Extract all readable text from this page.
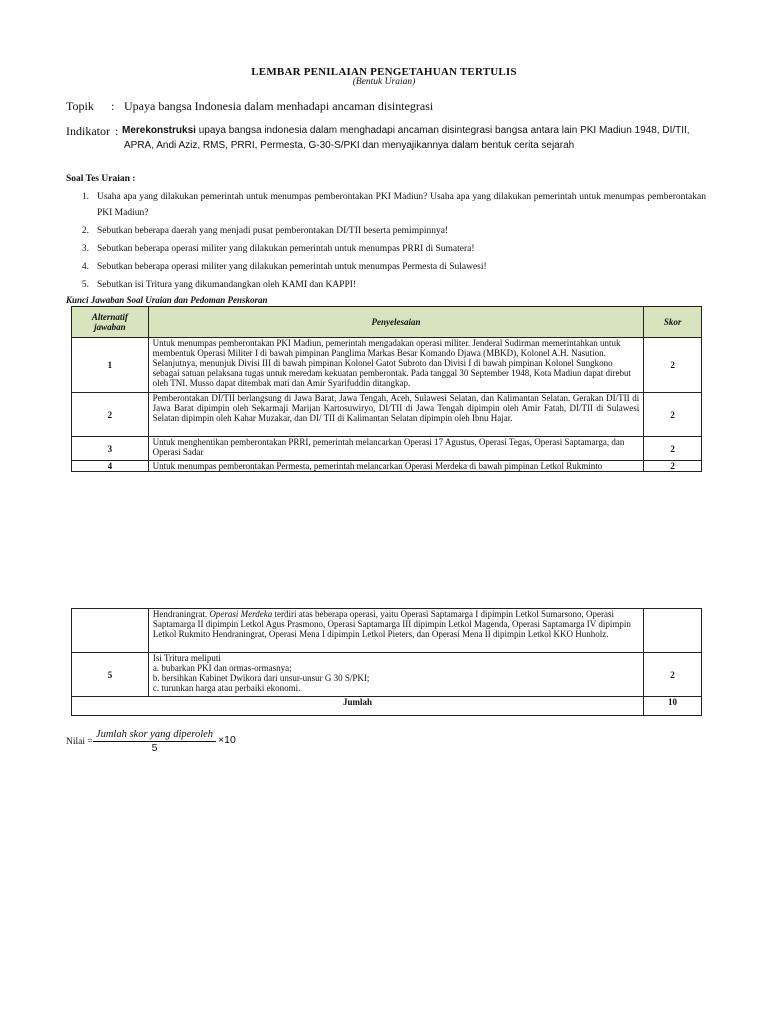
LEMBAR PENILAIAN PENGETAHUAN TERTULIS
(Bentuk Uraian)
Topik : Upaya bangsa Indonesia dalam menhadapi ancaman disintegrasi
Indikator : Merekonstruksi upaya bangsa indonesia dalam menghadapi ancaman disintegrasi bangsa antara lain PKI Madiun 1948, DI/TII,
APRA, Andi Aziz, RMS, PRRI, Permesta, G-30-S/PKI dan menyajikannya dalam bentuk cerita sejarah
Soal Tes Uraian :
1. Usaha apa yang dilakukan pemerintah untuk menumpas pemberontakan PKI Madiun? Usaha apa yang dilakukan pemerintah untuk menumpas pemberontakan PKI Madiun?
2. Sebutkan beberapa daerah yang menjadi pusat pemberontakan DI/TII beserta pemimpinnya!
3. Sebutkan beberapa operasi militer yang dilakukan pemerintah untuk menumpas PRRI di Sumatera!
4. Sebutkan beberapa operasi militer yang dilakukan pemerintah untuk menumpas Permesta di Sulawesi!
5. Sebutkan isi Tritura yang dikumandangkan oleh KAMI dan KAPPI!
Kunci Jawaban Soal Uraian dan Pedoman Penskoran
Alternatif jawaban	Penyelesaian	Skor
1	Untuk menumpas pemberontakan PKI Madiun, pemerintah mengadakan operasi militer. Jenderal Sudirman memerintahkan untuk membentuk Operasi Militer I di bawah pimpinan Panglima Markas Besar Komando Djawa (MBKD), Kolonel A.H. Nasution. Selanjutnya, menunjuk Divisi III di bawah pimpinan Kolonel Gatot Subroto dan Divisi I di bawah pimpinan Kolonel Sungkono sebagai satuan pelaksana tugas untuk meredam kekuatan pemberontak. Pada tanggal 30 September 1948, Kota Madiun dapat direbut oleh TNI. Musso dapat ditembak mati dan Amir Syarifuddin ditangkap.	2
2	Pemberontakan DI/TII berlangsung di Jawa Barat, Jawa Tengah, Aceh, Sulawesi Selatan, dan Kalimantan Selatan. Gerakan DI/TII di Jawa Barat dipimpin oleh Sekarmaji Marijan Kartosuwiryo, DI/TII di Jawa Tengah dipimpin oleh Amir Fatah, DI/TII di Sulawesi Selatan dipimpin oleh Kahar Muzakar, dan DI/ TII di Kalimantan Selatan dipimpin oleh Ibnu Hajar.	2
3	Untuk menghentikan pemberontakan PRRI, pemerintah melancarkan Operasi 17 Agustus, Operasi Tegas, Operasi Saptamarga, dan Operasi Sadar	2
4	Untuk menumpas pemberontakan Permesta, pemerintah melancarkan Operasi Merdeka di bawah pimpinan Letkol Rukminto	2
	Hendraningrat. Operasi Merdeka terdiri atas beberapa operasi, yaitu Operasi Saptamarga I dipimpin Letkol Sumarsono, Operasi Saptamarga II dipimpin Letkol Agus Prasmono, Operasi Saptamarga III dipimpin Letkol Magenda, Operasi Saptamarga IV dipimpin Letkol Rukmito Hendraningrat, Operasi Mena I dipimpin Letkol Pieters, dan Operasi Mena II dipimpin Letkol KKO Hunholz.	
5	Isi Tritura meliputi
a. bubarkan PKI dan ormas-ormasnya;
b. bersihkan Kabinet Dwikora dari unsur-unsur G 30 S/PKI;
c. turunkan harga atau perbaiki ekonomi.	2
Jumlah		10
Nilai =
Jumlah skor yang diperoleh
5
×10
